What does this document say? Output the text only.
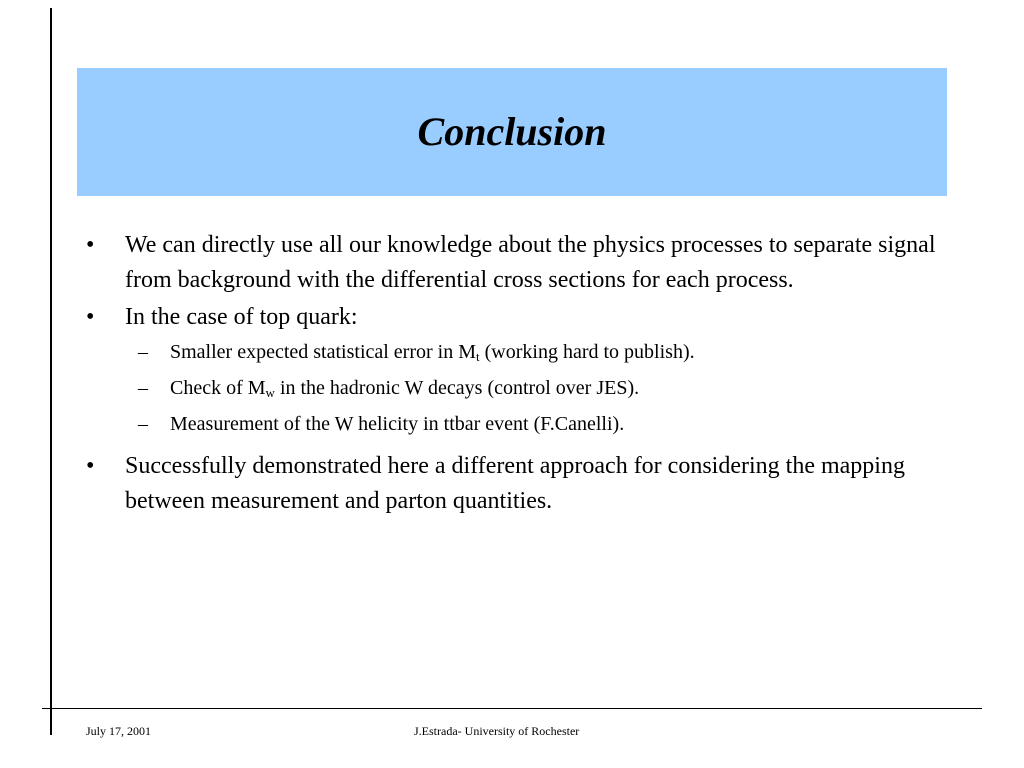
Conclusion
• We can directly use all our knowledge about the physics processes to separate signal from background with the differential cross sections for each process.
• In the case of top quark:
– Smaller expected statistical error in $M_t$ (working hard to publish).
– Check of $M_w$ in the hadronic W decays (control over JES).
– Measurement of the W helicity in ttbar event (F.Canelli).
• Successfully demonstrated here a different approach for considering the mapping between measurement and parton quantities.
July 17, 2001	J.Estrada- University of Rochester
